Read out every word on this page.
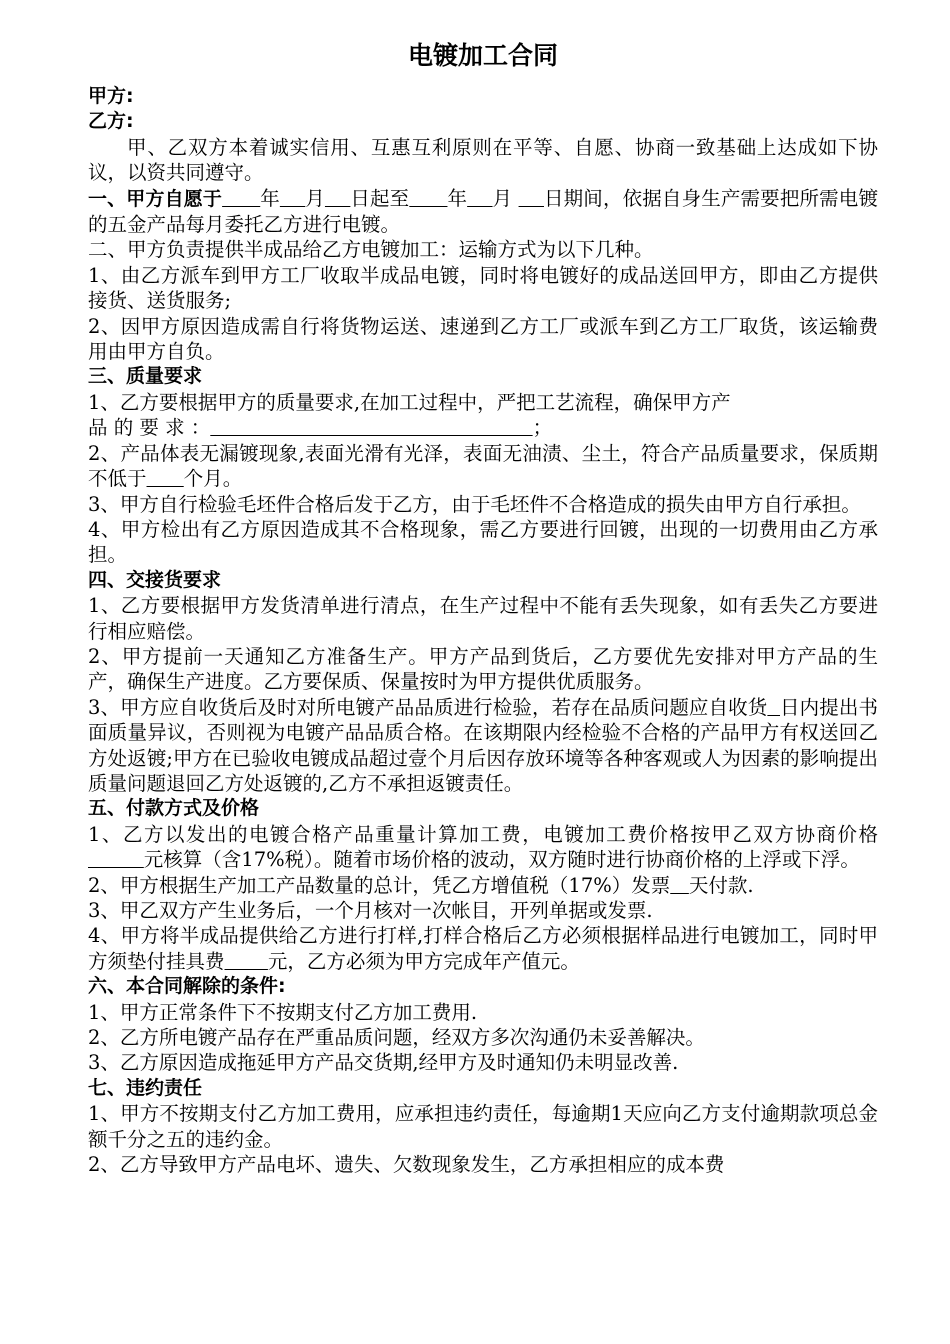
电镀加工合同
甲方:
乙方:
甲、乙双方本着诚实信用、互惠互利原则在平等、自愿、协商一致基础上达成如下协议，以资共同遵守。
一、甲方自愿于 年 月 日起至 年 月 日期间，依据自身生产需要把所需电镀的五金产品每月委托乙方进行电镀。
二、甲方负责提供半成品给乙方电镀加工：运输方式为以下几种。
1、由乙方派车到甲方工厂收取半成品电镀，同时将电镀好的成品送回甲方，即由乙方提供接货、送货服务;
2、因甲方原因造成需自行将货物运送、速递到乙方工厂或派车到乙方工厂取货，该运输费用由甲方自负。
三、质量要求
1、乙方要根据甲方的质量要求,在加工过程中，严把工艺流程，确保甲方产
品 的 要 求 ：	；
2、产品体表无漏镀现象,表面光滑有光泽，表面无油渍、尘土，符合产品质量要求，保质期不低于 个月。
3、甲方自行检验毛坯件合格后发于乙方，由于毛坯件不合格造成的损失由甲方自行承担。
4、甲方检出有乙方原因造成其不合格现象，需乙方要进行回镀，出现的一切费用由乙方承担。
四、交接货要求
1、乙方要根据甲方发货清单进行清点，在生产过程中不能有丢失现象，如有丢失乙方要进行相应赔偿。
2、甲方提前一天通知乙方准备生产。甲方产品到货后，乙方要优先安排对甲方产品的生产，确保生产进度。乙方要保质、保量按时为甲方提供优质服务。
3、甲方应自收货后及时对所电镀产品品质进行检验，若存在品质问题应自收货 日内提出书面质量异议，否则视为电镀产品品质合格。在该期限内经检验不合格的产品甲方有权送回乙方处返镀;甲方在已验收电镀成品超过壹个月后因存放环境等各种客观或人为因素的影响提出质量问题退回乙方处返镀的,乙方不承担返镀责任。
五、付款方式及价格
1、乙方以发出的电镀合格产品重量计算加工费，电镀加工费价格按甲乙双方协商价格         元核算（含17%税）。随着市场价格的波动，双方随时进行协商价格的上浮或下浮。
2、甲方根据生产加工产品数量的总计，凭乙方增值税（17%）发票 天付款.
3、甲乙双方产生业务后，一个月核对一次帐目，开列单据或发票.
4、甲方将半成品提供给乙方进行打样,打样合格后乙方必须根据样品进行电镀加工，同时甲方须垫付挂具费 元，乙方必须为甲方完成年产值元。
六、本合同解除的条件:
1、甲方正常条件下不按期支付乙方加工费用.
2、乙方所电镀产品存在严重品质问题，经双方多次沟通仍未妥善解决。
3、乙方原因造成拖延甲方产品交货期,经甲方及时通知仍未明显改善.
七、违约责任
1、甲方不按期支付乙方加工费用，应承担违约责任，每逾期1天应向乙方支付逾期款项总金额千分之五的违约金。
2、乙方导致甲方产品电坏、遗失、欠数现象发生，乙方承担相应的成本费
